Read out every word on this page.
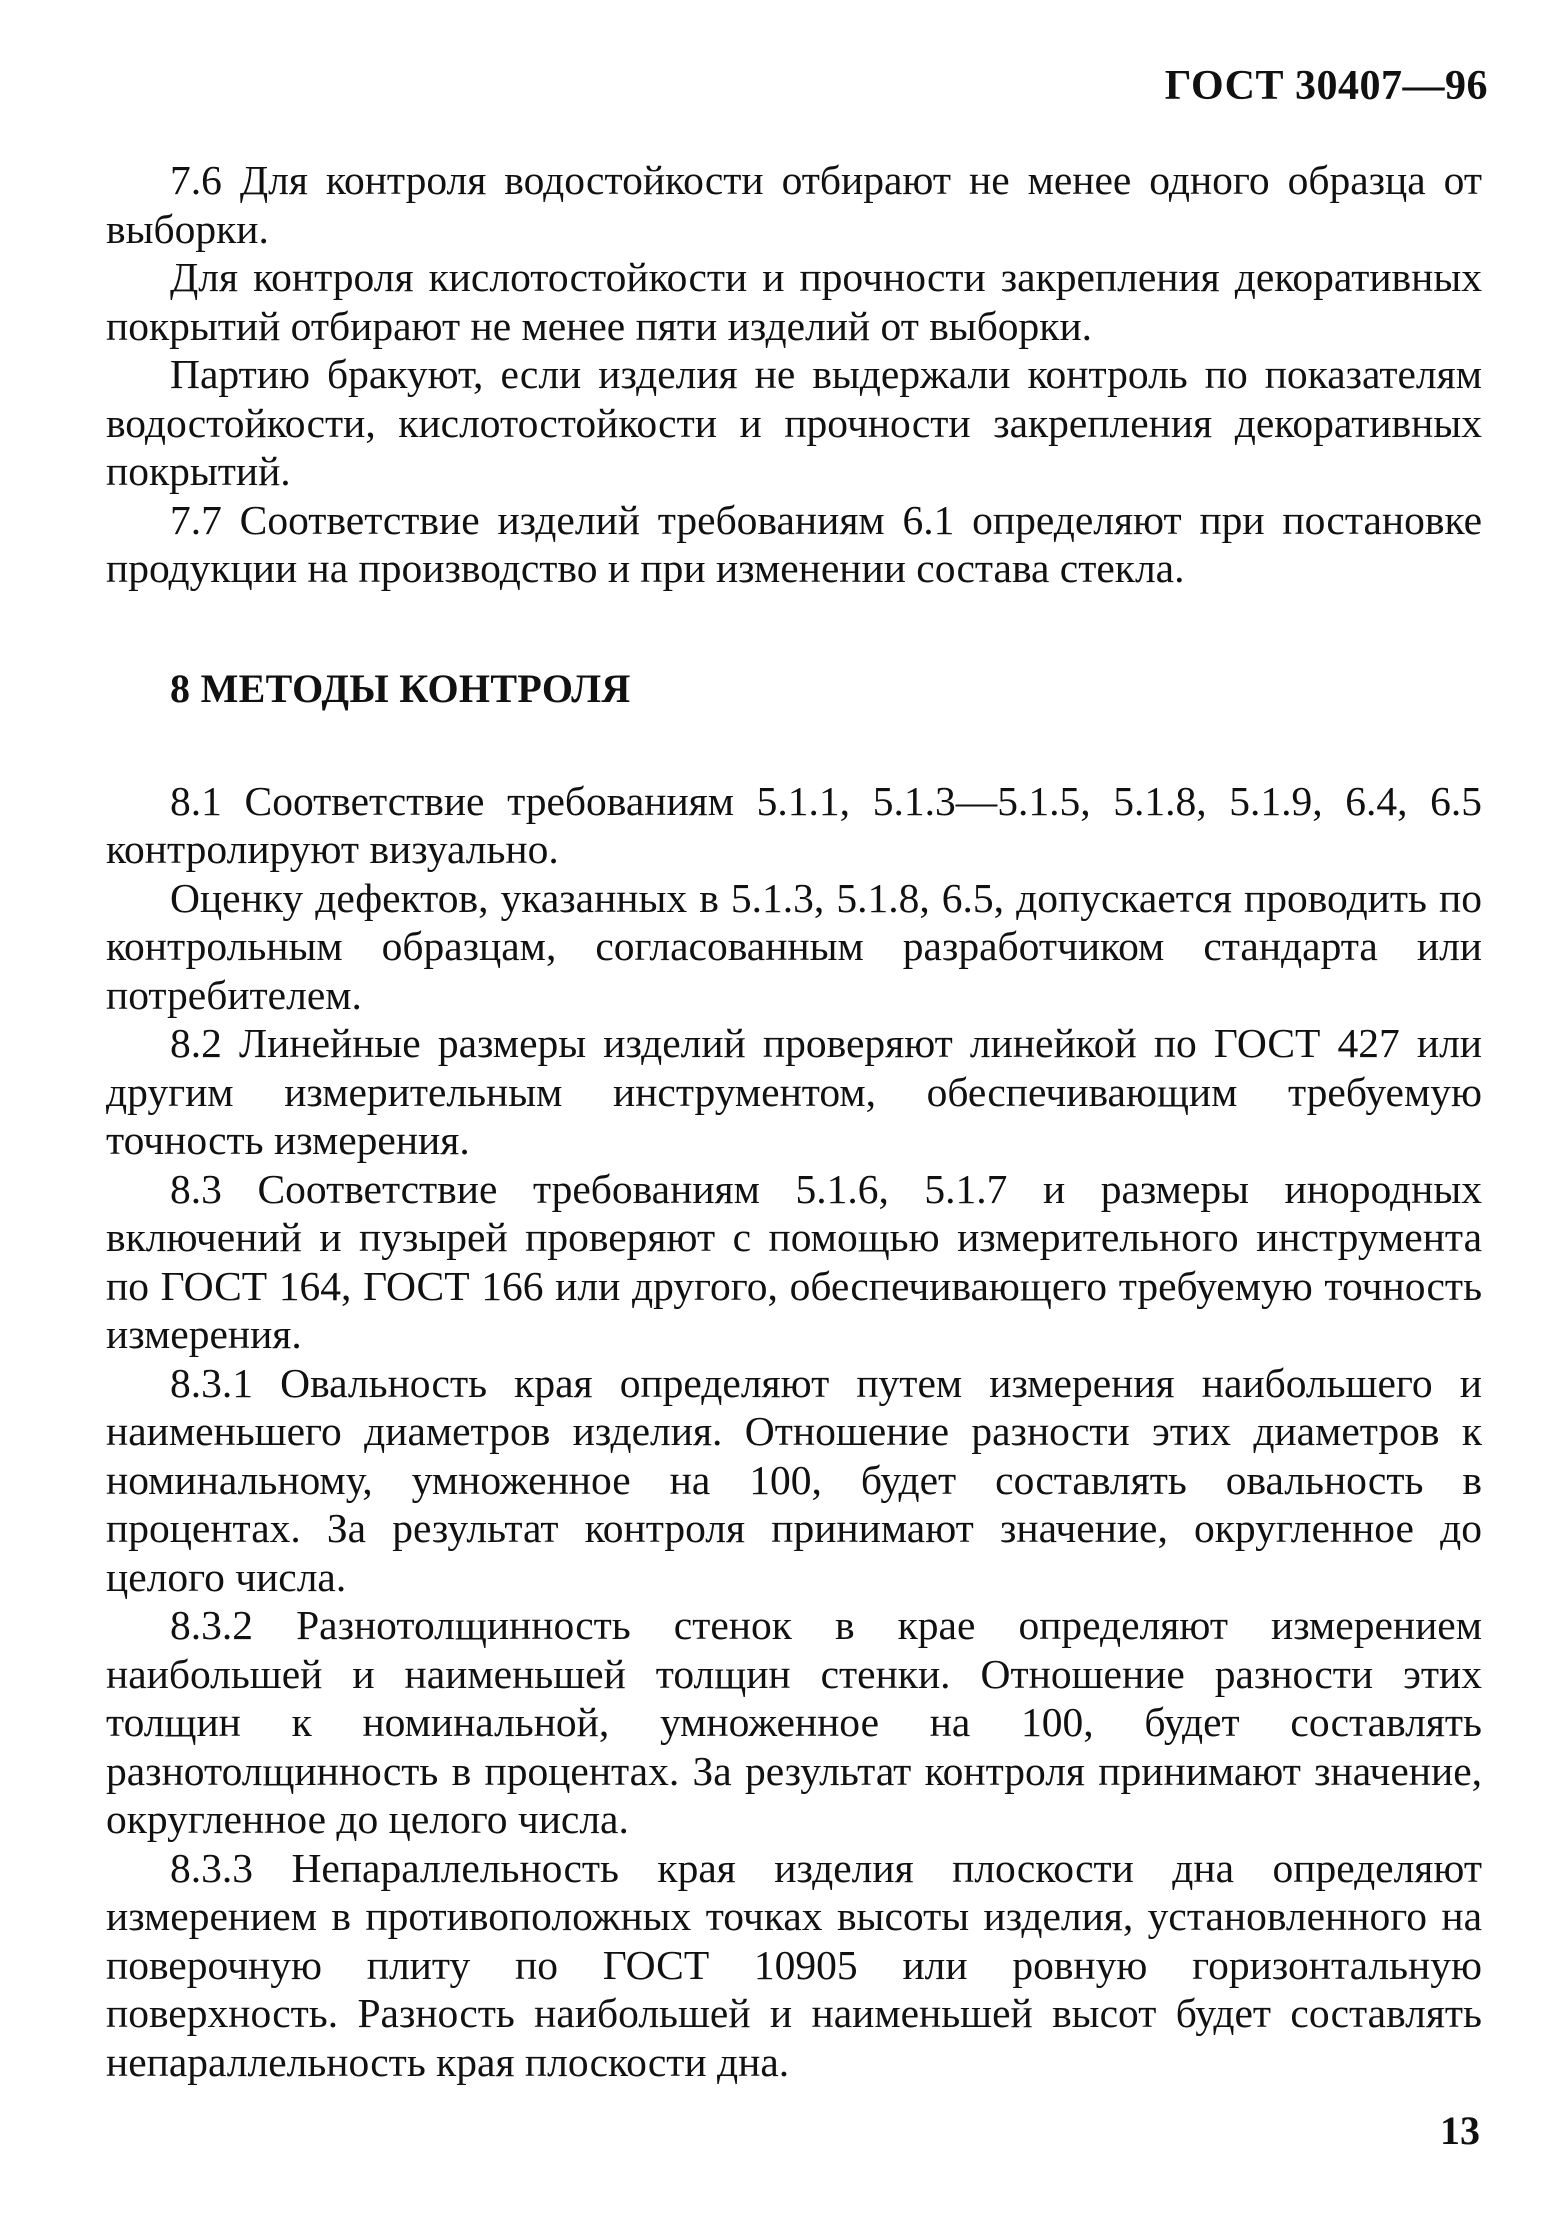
ГОСТ 30407—96

7.6 Для контроля водостойкости отбирают не менее одного образца от выборки.

Для контроля кислотостойкости и прочности закрепления декоративных покрытий отбирают не менее пяти изделий от выборки.

Партию бракуют, если изделия не выдержали контроль по показателям водостойкости, кислотостойкости и прочности закрепления декоративных покрытий.

7.7 Соответствие изделий требованиям 6.1 определяют при постановке продукции на производство и при изменении состава стекла.

8 МЕТОДЫ КОНТРОЛЯ

8.1 Соответствие требованиям 5.1.1, 5.1.3—5.1.5, 5.1.8, 5.1.9, 6.4, 6.5 контролируют визуально.

Оценку дефектов, указанных в 5.1.3, 5.1.8, 6.5, допускается проводить по контрольным образцам, согласованным разработчиком стандарта или потребителем.

8.2 Линейные размеры изделий проверяют линейкой по ГОСТ 427 или другим измерительным инструментом, обеспечивающим требуемую точность измерения.

8.3 Соответствие требованиям 5.1.6, 5.1.7 и размеры инородных включений и пузырей проверяют с помощью измерительного инструмента по ГОСТ 164, ГОСТ 166 или другого, обеспечивающего требуемую точность измерения.

8.3.1 Овальность края определяют путем измерения наибольшего и наименьшего диаметров изделия. Отношение разности этих диаметров к номинальному, умноженное на 100, будет составлять овальность в процентах. За результат контроля принимают значение, округленное до целого числа.

8.3.2 Разнотолщинность стенок в крае определяют измерением наибольшей и наименьшей толщин стенки. Отношение разности этих толщин к номинальной, умноженное на 100, будет составлять разнотолщинность в процентах. За результат контроля принимают значение, округленное до целого числа.

8.3.3 Непараллельность края изделия плоскости дна определяют измерением в противоположных точках высоты изделия, установленного на поверочную плиту по ГОСТ 10905 или ровную горизонтальную поверхность. Разность наибольшей и наименьшей высот будет составлять непараллельность края плоскости дна.

13
